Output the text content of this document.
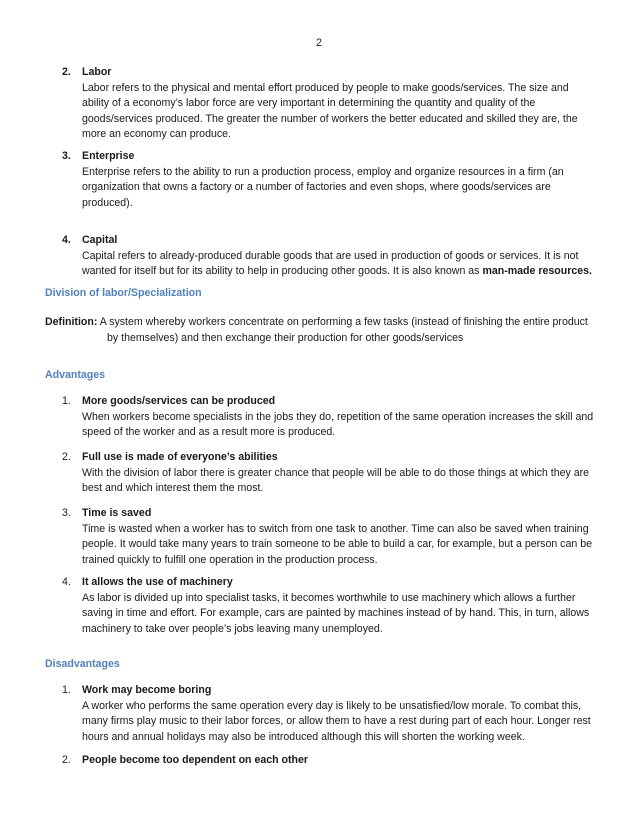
2
2. Labor
Labor refers to the physical and mental effort produced by people to make goods/services. The size and
ability of a economy’s labor force are very important in determining the quantity and quality of the
goods/services produced. The greater the number of workers the better educated and skilled they are, the
more an economy can produce.
3. Enterprise
Enterprise refers to the ability to run a production process, employ and organize resources in a firm (an
organization that owns a factory or a number of factories and even shops, where goods/services are
produced).
4. Capital
Capital refers to already-produced durable goods that are used in production of goods or services. It is not
wanted for itself but for its ability to help in producing other goods. It is also known as man-made resources.
Division of labor/Specialization
Definition: A system whereby workers concentrate on performing a few tasks (instead of finishing the entire product
by themselves) and then exchange their production for other goods/services
Advantages
1. More goods/services can be produced
When workers become specialists in the jobs they do, repetition of the same operation increases the skill and
speed of the worker and as a result more is produced.
2. Full use is made of everyone’s abilities
With the division of labor there is greater chance that people will be able to do those things at which they are
best and which interest them the most.
3. Time is saved
Time is wasted when a worker has to switch from one task to another. Time can also be saved when training
people. It would take many years to train someone to be able to build a car, for example, but a person can be
trained quickly to fulfill one operation in the production process.
4. It allows the use of machinery
As labor is divided up into specialist tasks, it becomes worthwhile to use machinery which allows a further
saving in time and effort. For example, cars are painted by machines instead of by hand. This, in turn, allows
machinery to take over people’s jobs leaving many unemployed.
Disadvantages
1. Work may become boring
A worker who performs the same operation every day is likely to be unsatisfied/low morale. To combat this,
many firms play music to their labor forces, or allow them to have a rest during part of each hour. Longer rest
hours and annual holidays may also be introduced although this will shorten the working week.
2. People become too dependent on each other
